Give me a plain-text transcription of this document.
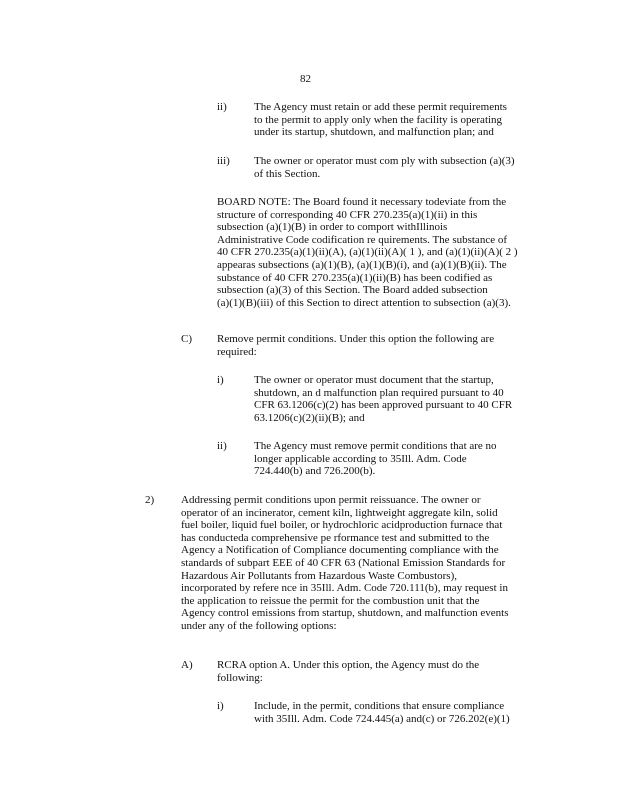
82
ii) The Agency must retain or add these permit requirements
to the permit to apply only when the facility is operating
under its startup, shutdown, and malfunction plan; and
iii) The owner or operator must com ply with subsection (a)(3)
of this Section.
BOARD NOTE: The Board found it necessary todeviate from the
structure of corresponding 40 CFR 270.235(a)(1)(ii) in this
subsection (a)(1)(B) in order to comport withIllinois
Administrative Code codification re quirements. The substance of
40 CFR 270.235(a)(1)(ii)(A), (a)(1)(ii)(A)( 1 ), and (a)(1)(ii)(A)( 2 )
appearas subsections (a)(1)(B), (a)(1)(B)(i), and (a)(1)(B)(ii). The
substance of 40 CFR 270.235(a)(1)(ii)(B) has been codified as
subsection (a)(3) of this Section. The Board added subsection
(a)(1)(B)(iii) of this Section to direct attention to subsection (a)(3).
C) Remove permit conditions. Under this option the following are
required:
i)	The owner or operator must document that the startup,
shutdown, an d malfunction plan required pursuant to 40
CFR 63.1206(c)(2) has been approved pursuant to 40 CFR
63.1206(c)(2)(ii)(B); and
ii) The Agency must remove permit conditions that are no
longer applicable according to 35Ill. Adm. Code
724.440(b) and 726.200(b).
2) Addressing permit conditions upon permit reissuance. The owner or
operator of an incinerator, cement kiln, lightweight aggregate kiln, solid
fuel boiler, liquid fuel boiler, or hydrochloric acidproduction furnace that
has conducteda comprehensive pe rformance test and submitted to the
Agency a Notification of Compliance documenting compliance with the
standards of subpart EEE of 40 CFR 63 (National Emission Standards for
Hazardous Air Pollutants from Hazardous Waste Combustors),
incorporated by refere nce in 35Ill. Adm. Code 720.111(b), may request in
the application to reissue the permit for the combustion unit that the
Agency control emissions from startup, shutdown, and malfunction events
under any of the following options:
A) RCRA option A. Under this option, the Agency must do the
following:
i)	Include, in the permit, conditions that ensure compliance
with 35Ill. Adm. Code 724.445(a) and(c) or 726.202(e)(1)
